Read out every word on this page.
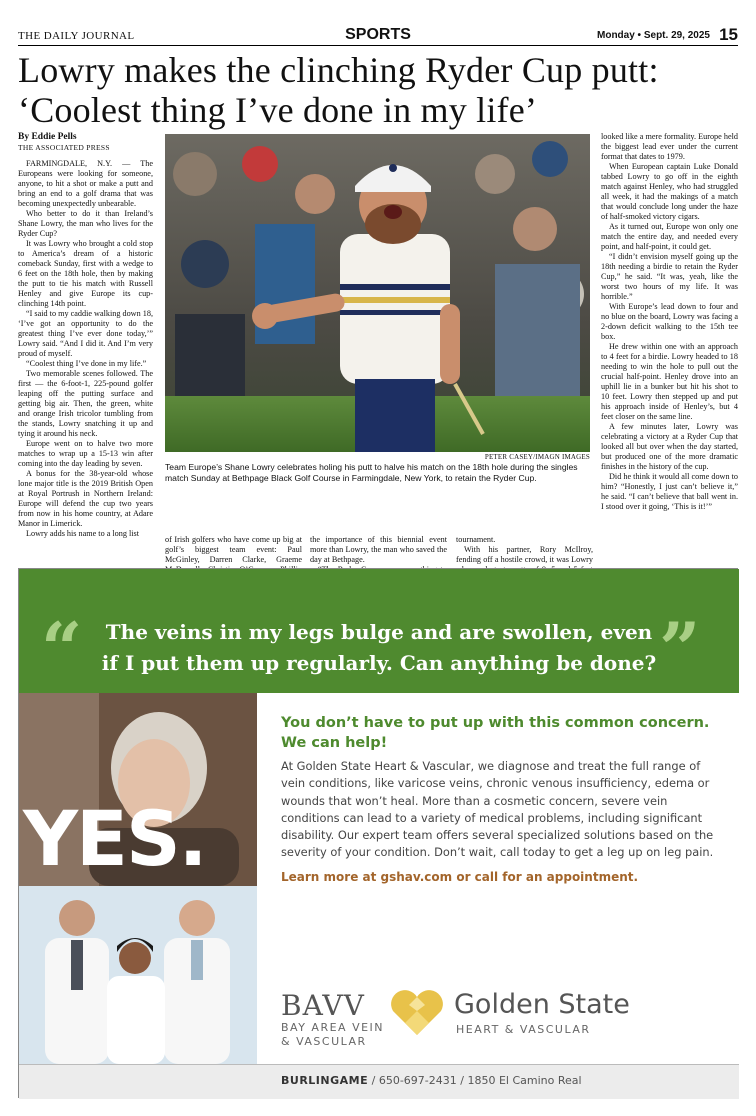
THE DAILY JOURNAL	SPORTS	Monday • Sept. 29, 2025 15
Lowry makes the clinching Ryder Cup putt: ‘Coolest thing I’ve done in my life’
By Eddie Pells
THE ASSOCIATED PRESS

FARMINGDALE, N.Y. — The Europeans were looking for someone, anyone, to hit a shot or make a putt and bring an end to a golf drama that was becoming unexpectedly unbearable.

Who better to do it than Ireland’s Shane Lowry, the man who lives for the Ryder Cup?

It was Lowry who brought a cold stop to America’s dream of a historic comeback Sunday, first with a wedge to 6 feet on the 18th hole, then by making the putt to tie his match with Russell Henley and give Europe its cup-clinching 14th point.

“I said to my caddie walking down 18, ‘I’ve got an opportunity to do the greatest thing I’ve ever done today,’” Lowry said. “And I did it. And I’m very proud of myself.

“Coolest thing I’ve done in my life.”

Two memorable scenes followed. The first — the 6-foot-1, 225-pound golfer leaping off the putting surface and getting big air. Then, the green, white and orange Irish tricolor tumbling from the stands, Lowry snatching it up and tying it around his neck.

Europe went on to halve two more matches to wrap up a 15-13 win after coming into the day leading by seven.

A bonus for the 38-year-old whose lone major title is the 2019 British Open at Royal Portrush in Northern Ireland: Europe will defend the cup two years from now in his home country, at Adare Manor in Limerick.

Lowry adds his name to a long list

PETER CASEY/IMAGN IMAGES
Team Europe’s Shane Lowry celebrates holing his putt to halve his match on the 18th hole during the singles match Sunday at Bethpage Black Golf Course in Farmingdale, New York, to retain the Ryder Cup.

of Irish golfers who have come up big at golf’s biggest team event: Paul McGinley, Darren Clarke, Graeme

the importance of this biennial event more than Lowry, the man who saved the day at Bethpage.

tournament.

With his partner, Rory McIlroy, fending off a hostile crowd, it was Lowry

looked like a mere formality. Europe held the biggest lead ever under the current format that dates to 1979.

When European captain Luke Donald tabbed Lowry to go off in the eighth match against Henley, who had struggled all week, it had the makings of a match that would conclude long under the haze of half-smoked victory cigars.

As it turned out, Europe won only one match the entire day, and needed every point, and half-point, it could get.

“I didn’t envision myself going up the 18th needing a birdie to retain the Ryder Cup,” he said. “It was, yeah, like the worst two hours of my life. It was horrible.”

With Europe’s lead down to four and no blue on the board, Lowry was facing a 2-down deficit walking to the 15th tee box.

He drew within one with an approach to 4 feet for a birdie. Lowry headed to 18 needing to win the hole to pull out the crucial half-point. Henley drove into an uphill lie in a bunker but hit his shot to 10 feet. Lowry then stepped up and put his approach inside of Henley’s, but 4 feet closer on the same line.

A few minutes later, Lowry was celebrating a victory at a Ryder Cup that looked all but over when the day started, but produced one of the more dramatic finishes in the history of the cup.

Did he think it would all come down to him? “Honestly, I just can’t believe it,” he said. “I can’t believe that ball went in. I stood over it going, ‘This is it!’”

“	”
The veins in my legs bulge and are swollen, even if I put them up regularly. Can anything be done?
YES.
You don’t have to put up with this common concern. We can help!
At Golden State Heart & Vascular, we diagnose and treat the full range of vein conditions, like varicose veins, chronic venous insufficiency, edema or wounds that won’t heal. More than a cosmetic concern, severe vein conditions can lead to a variety of medical problems, including significant disability. Our expert team offers several specialized solutions based on the severity of your condition. Don’t wait, call today to get a leg up on leg pain.
Learn more at gshav.com or call for an appointment.
BAVV
BAY AREA VEIN
& VASCULAR
Golden State
HEART & VASCULAR
BURLINGAME / 650-697-2431 / 1850 El Camino Real
